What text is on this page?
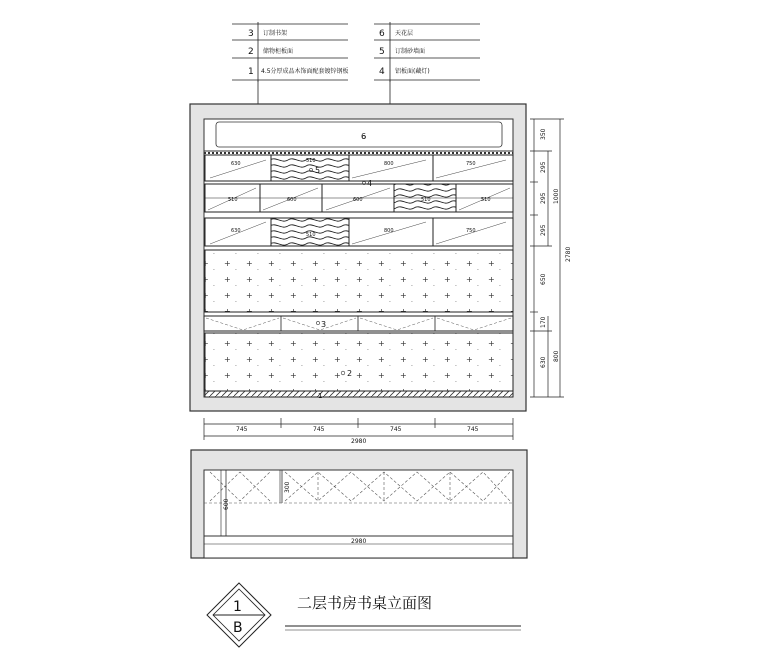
3 订制书架
2 储物柜板面
1 4.5分厚成品木饰面配套镀锌钢板
6 天花层
5 订制砂墙面
4 铝板面(藏灯)
6
630	510	800	750
510	600	600	510	510
630
510
800	750
5
4
3
2
1
350
295
295
295
650
170
630
1000
800
2780
745	745	745	745
2980
600
300
2980
1
B
二层书房书桌立面图
